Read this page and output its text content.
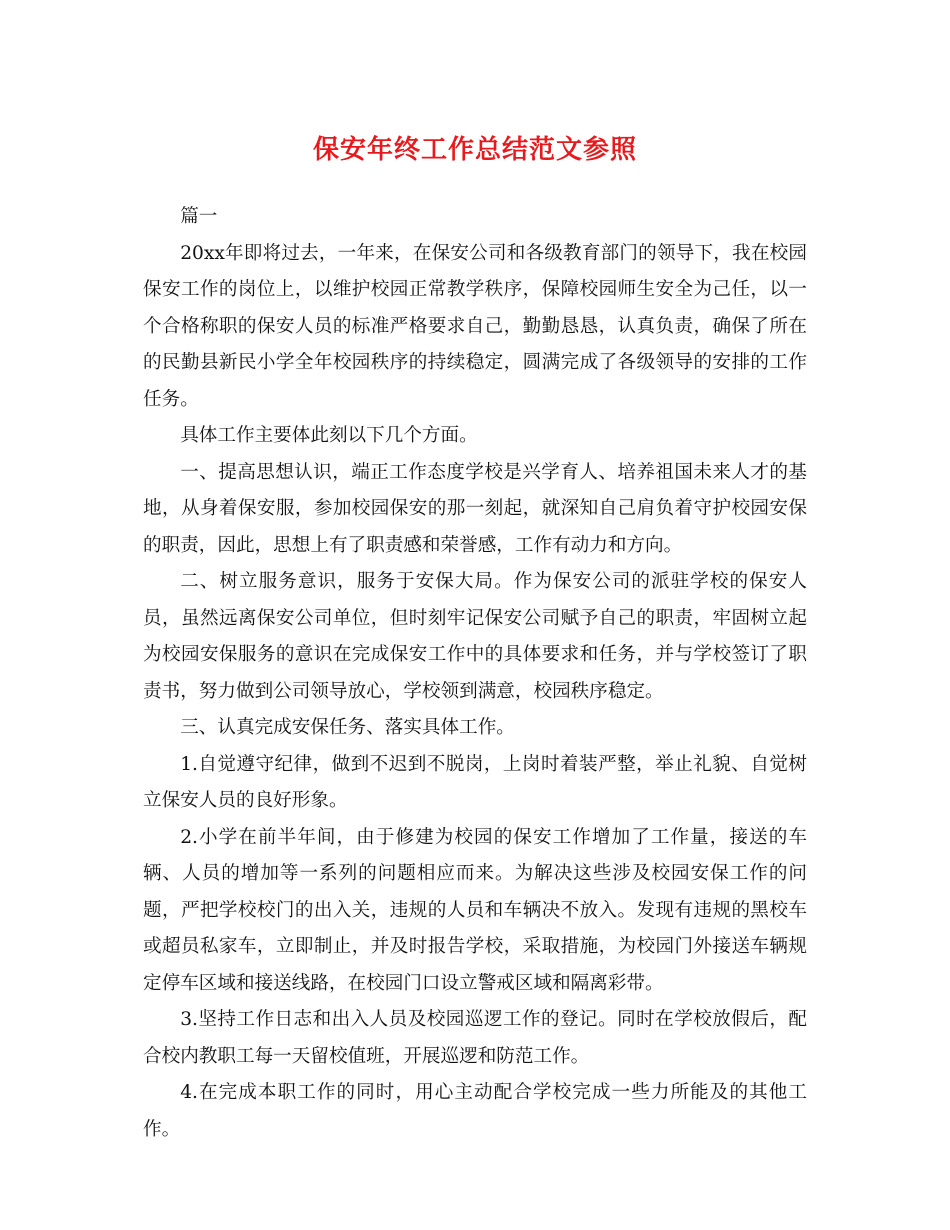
保安年终工作总结范文参照

篇一

20xx年即将过去，一年来，在保安公司和各级教育部门的领导下，我在校园保安工作的岗位上，以维护校园正常教学秩序，保障校园师生安全为己任，以一个合格称职的保安人员的标准严格要求自己，勤勤恳恳，认真负责，确保了所在的民勤县新民小学全年校园秩序的持续稳定，圆满完成了各级领导的安排的工作任务。

具体工作主要体此刻以下几个方面。

一、提高思想认识，端正工作态度学校是兴学育人、培养祖国未来人才的基地，从身着保安服，参加校园保安的那一刻起，就深知自己肩负着守护校园安保的职责，因此，思想上有了职责感和荣誉感，工作有动力和方向。

二、树立服务意识，服务于安保大局。作为保安公司的派驻学校的保安人员，虽然远离保安公司单位，但时刻牢记保安公司赋予自己的职责，牢固树立起为校园安保服务的意识在完成保安工作中的具体要求和任务，并与学校签订了职责书，努力做到公司领导放心，学校领到满意，校园秩序稳定。

三、认真完成安保任务、落实具体工作。

1.自觉遵守纪律，做到不迟到不脱岗，上岗时着装严整，举止礼貌、自觉树立保安人员的良好形象。

2.小学在前半年间，由于修建为校园的保安工作增加了工作量，接送的车辆、人员的增加等一系列的问题相应而来。为解决这些涉及校园安保工作的问题，严把学校校门的出入关，违规的人员和车辆决不放入。发现有违规的黑校车或超员私家车，立即制止，并及时报告学校，采取措施，为校园门外接送车辆规定停车区域和接送线路，在校园门口设立警戒区域和隔离彩带。

3.坚持工作日志和出入人员及校园巡逻工作的登记。同时在学校放假后，配合校内教职工每一天留校值班，开展巡逻和防范工作。

4.在完成本职工作的同时，用心主动配合学校完成一些力所能及的其他工作。
